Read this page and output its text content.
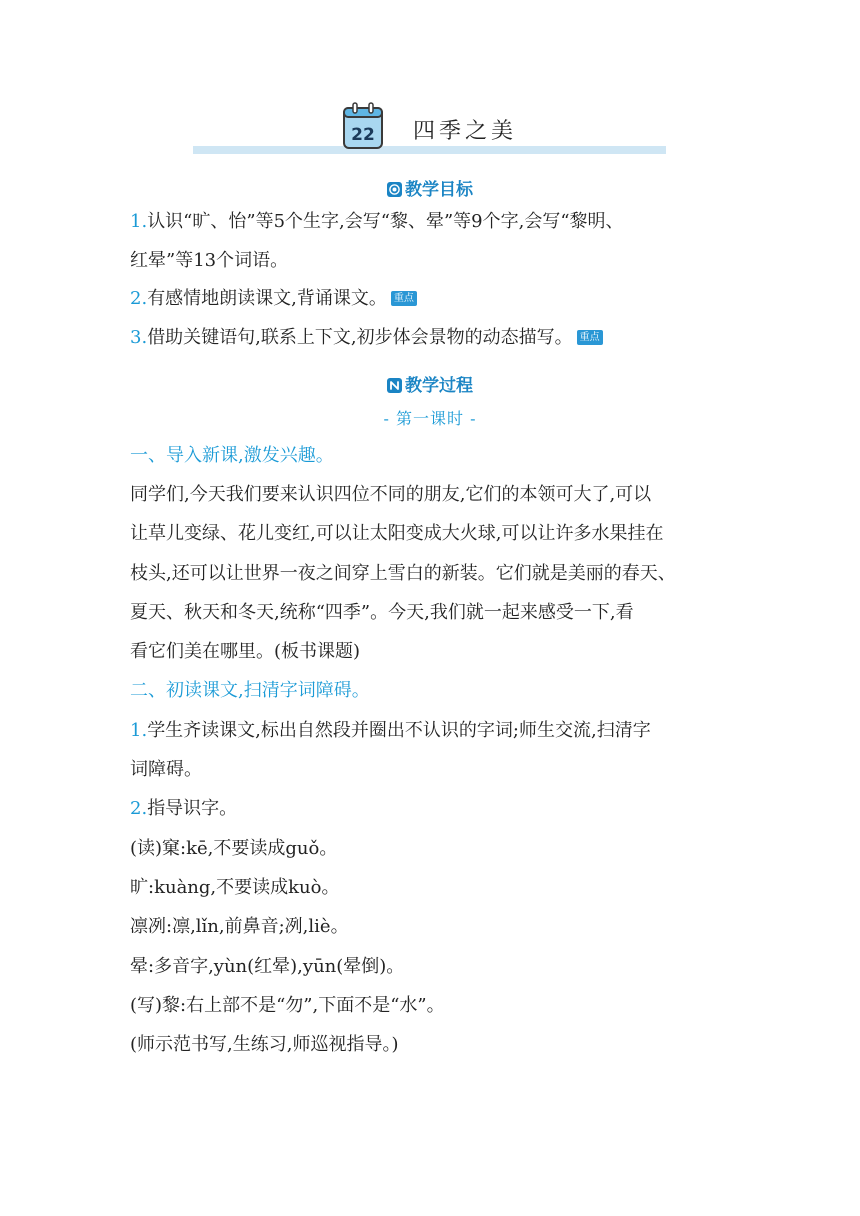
22 四季之美
教学目标
1.认识“旷、怡”等5个生字,会写“黎、晕”等9个字,会写“黎明、
红晕”等13个词语。
2.有感情地朗读课文,背诵课文。 重点
3.借助关键语句,联系上下文,初步体会景物的动态描写。 重点
教学过程
- 第一课时 -
一、导入新课,激发兴趣。
同学们,今天我们要来认识四位不同的朋友,它们的本领可大了,可以
让草儿变绿、花儿变红,可以让太阳变成大火球,可以让许多水果挂在
枝头,还可以让世界一夜之间穿上雪白的新装。它们就是美丽的春天、
夏天、秋天和冬天,统称“四季”。今天,我们就一起来感受一下,看
看它们美在哪里。(板书课题)
二、初读课文,扫清字词障碍。
1.学生齐读课文,标出自然段并圈出不认识的字词;师生交流,扫清字
词障碍。
2.指导识字。
(读)窠:kē,不要读成guǒ。
旷:kuàng,不要读成kuò。
凛冽:凛,lǐn,前鼻音;冽,liè。
晕:多音字,yùn(红晕),yūn(晕倒)。
(写)黎:右上部不是“勿”,下面不是“水”。
(师示范书写,生练习,师巡视指导。)
